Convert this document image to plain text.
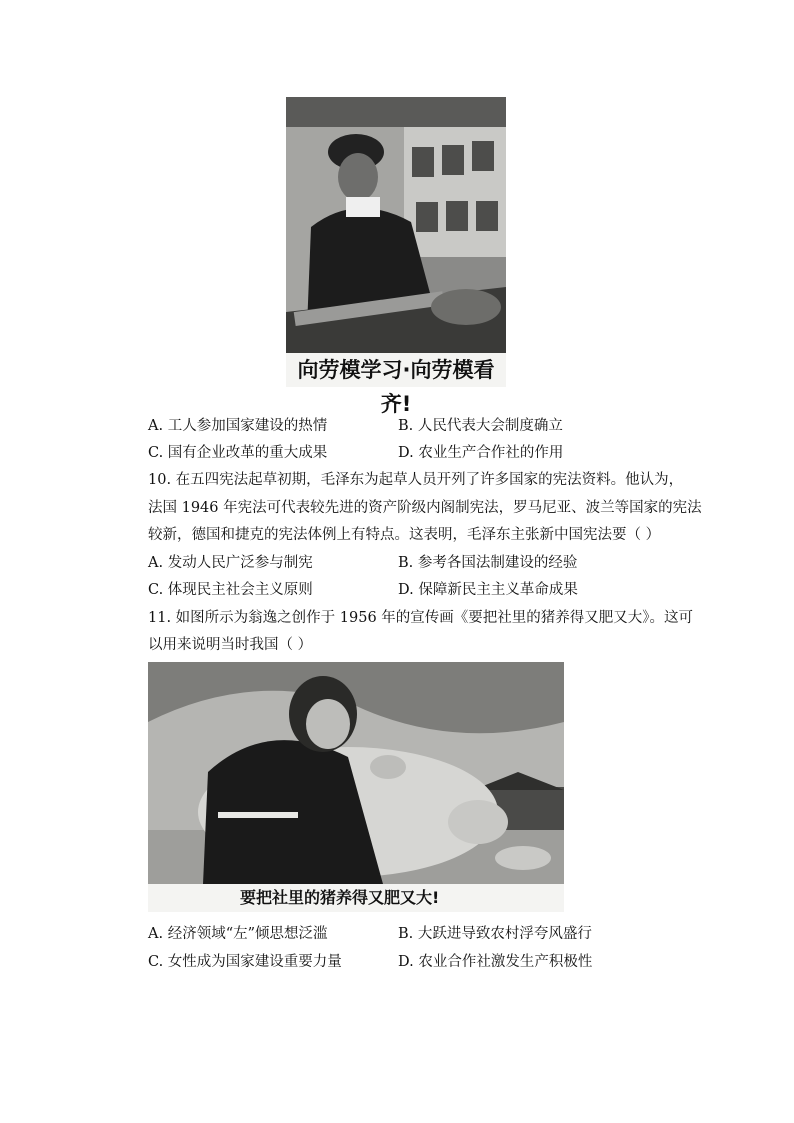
向劳模学习·向劳模看齐!
A. 工人参加国家建设的热情	B. 人民代表大会制度确立
C. 国有企业改革的重大成果	D. 农业生产合作社的作用
10. 在五四宪法起草初期，毛泽东为起草人员开列了许多国家的宪法资料。他认为，
法国 1946 年宪法可代表较先进的资产阶级内阁制宪法，罗马尼亚、波兰等国家的宪法
较新，德国和捷克的宪法体例上有特点。这表明，毛泽东主张新中国宪法要（ ）
A. 发动人民广泛参与制宪	B. 参考各国法制建设的经验
C. 体现民主社会主义原则	D. 保障新民主主义革命成果
11. 如图所示为翁逸之创作于 1956 年的宣传画《要把社里的猪养得又肥又大》。这可
以用来说明当时我国（ ）
要把社里的猪养得又肥又大!
A. 经济领域“左”倾思想泛滥	B. 大跃进导致农村浮夸风盛行
C. 女性成为国家建设重要力量	D. 农业合作社激发生产积极性
